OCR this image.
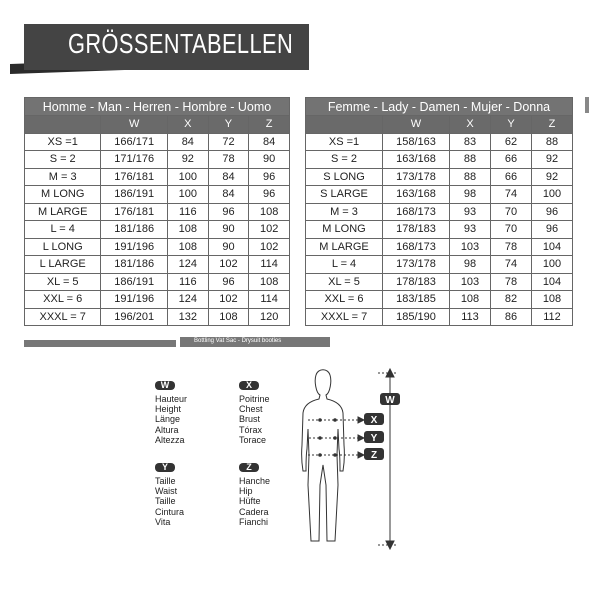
GRÖSSENTABELLEN
Homme - Man - Herren - Hombre - Uomo				
	W	X	Y	Z
XS =1	166/171	84	72	84
S = 2	171/176	92	78	90
M = 3	176/181	100	84	96
M LONG	186/191	100	84	96
M LARGE	176/181	116	96	108
L = 4	181/186	108	90	102
L LONG	191/196	108	90	102
L LARGE	181/186	124	102	114
XL = 5	186/191	116	96	108
XXL = 6	191/196	124	102	114
XXXL = 7	196/201	132	108	120
Femme - Lady - Damen - Mujer - Donna				
	W	X	Y	Z
XS =1	158/163	83	62	88
S = 2	163/168	88	66	92
S LONG	173/178	88	66	92
S LARGE	163/168	98	74	100
M = 3	168/173	93	70	96
M LONG	178/183	93	70	96
M LARGE	168/173	103	78	104
L = 4	173/178	98	74	100
XL = 5	178/183	103	78	104
XXL = 6	183/185	108	82	108
XXXL = 7	185/190	113	86	112
Bottling Vat Sac - Drysuit booties
W
Hauteur
Height
Länge
Altura
Altezza
X
Poitrine
Chest
Brust
Tórax
Torace
Y
Taille
Waist
Taille
Cintura
Vita
Z
Hanche
Hip
Hüfte
Cadera
Fianchi
X
Y
Z
W
